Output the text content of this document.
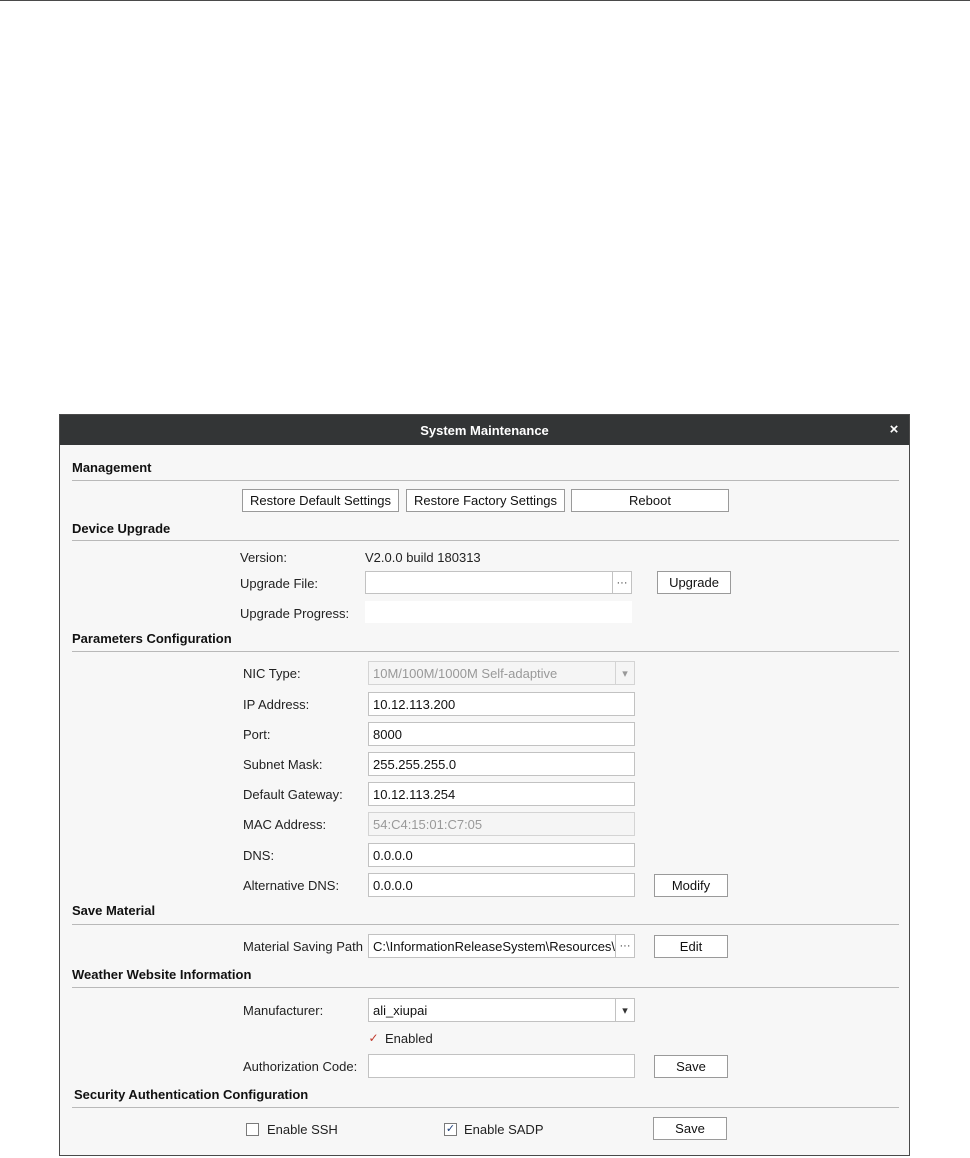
System Maintenance	×
Management
Restore Default Settings	Restore Factory Settings	Reboot
Device Upgrade
Version:	V2.0.0 build 180313
Upgrade File:	···	Upgrade
Upgrade Progress:
Parameters Configuration
NIC Type:	10M/100M/1000M Self-adaptive	▾
IP Address:	10.12.113.200
Port:	8000
Subnet Mask:	255.255.255.0
Default Gateway: 10.12.113.254
MAC Address:	54:C4:15:01:C7:05
DNS:	0.0.0.0
Alternative DNS:	0.0.0.0	Modify
Save Material
Material Saving Path C:\InformationReleaseSystem\Resources\ ···	Edit
Weather Website Information
Manufacturer:	ali_xiupai	▾
✓ Enabled
Authorization Code:	Save
Security Authentication Configuration
Enable SSH	✓ Enable SADP	Save
